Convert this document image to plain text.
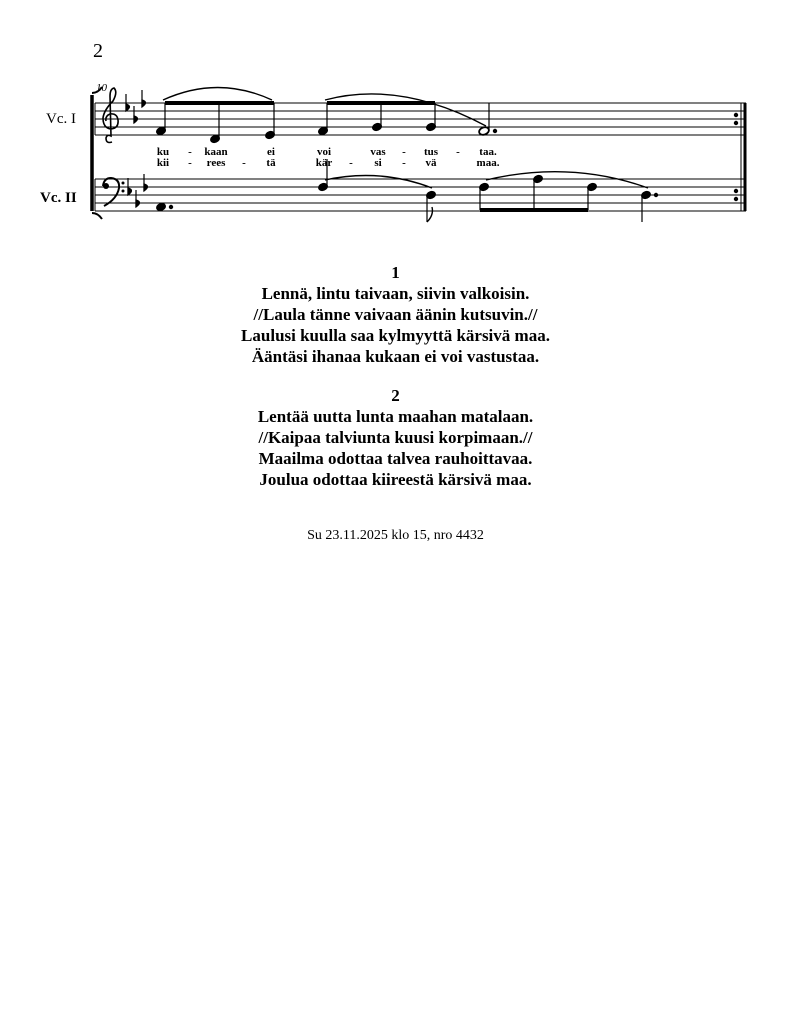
2
10
Vc. I
Vc. II
ku - kaan	ei	voi	vas - tus - taa.
kii - rees - tä	kär - si - vä	maa.
1
Lennä, lintu taivaan, siivin valkoisin.
//Laula tänne vaivaan äänin kutsuvin.//
Laulusi kuulla saa kylmyyttä kärsivä maa.
Ääntäsi ihanaa kukaan ei voi vastustaa.
2
Lentää uutta lunta maahan matalaan.
//Kaipaa talviunta kuusi korpimaan.//
Maailma odottaa talvea rauhoittavaa.
Joulua odottaa kiireestä kärsivä maa.
Su 23.11.2025 klo 15, nro 4432
